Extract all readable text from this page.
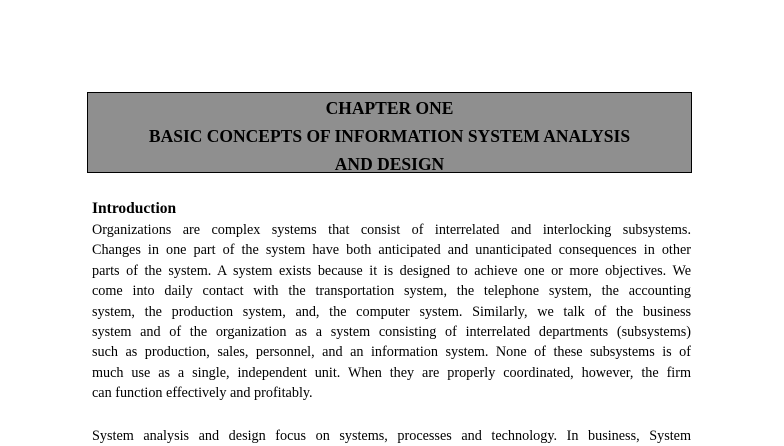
CHAPTER ONE
BASIC CONCEPTS OF INFORMATION SYSTEM ANALYSIS
AND DESIGN
Introduction
Organizations are complex systems that consist of interrelated and interlocking subsystems.
Changes in one part of the system have both anticipated and unanticipated consequences in other
parts of the system. A system exists because it is designed to achieve one or more objectives. We
come into daily contact with the transportation system, the telephone system, the accounting
system, the production system, and, the computer system. Similarly, we talk of the business
system and of the organization as a system consisting of interrelated departments (subsystems)
such as production, sales, personnel, and an information system. None of these subsystems is of
much use as a single, independent unit. When they are properly coordinated, however, the firm
can function effectively and profitably.
System analysis and design focus on systems, processes and technology. In business, System
